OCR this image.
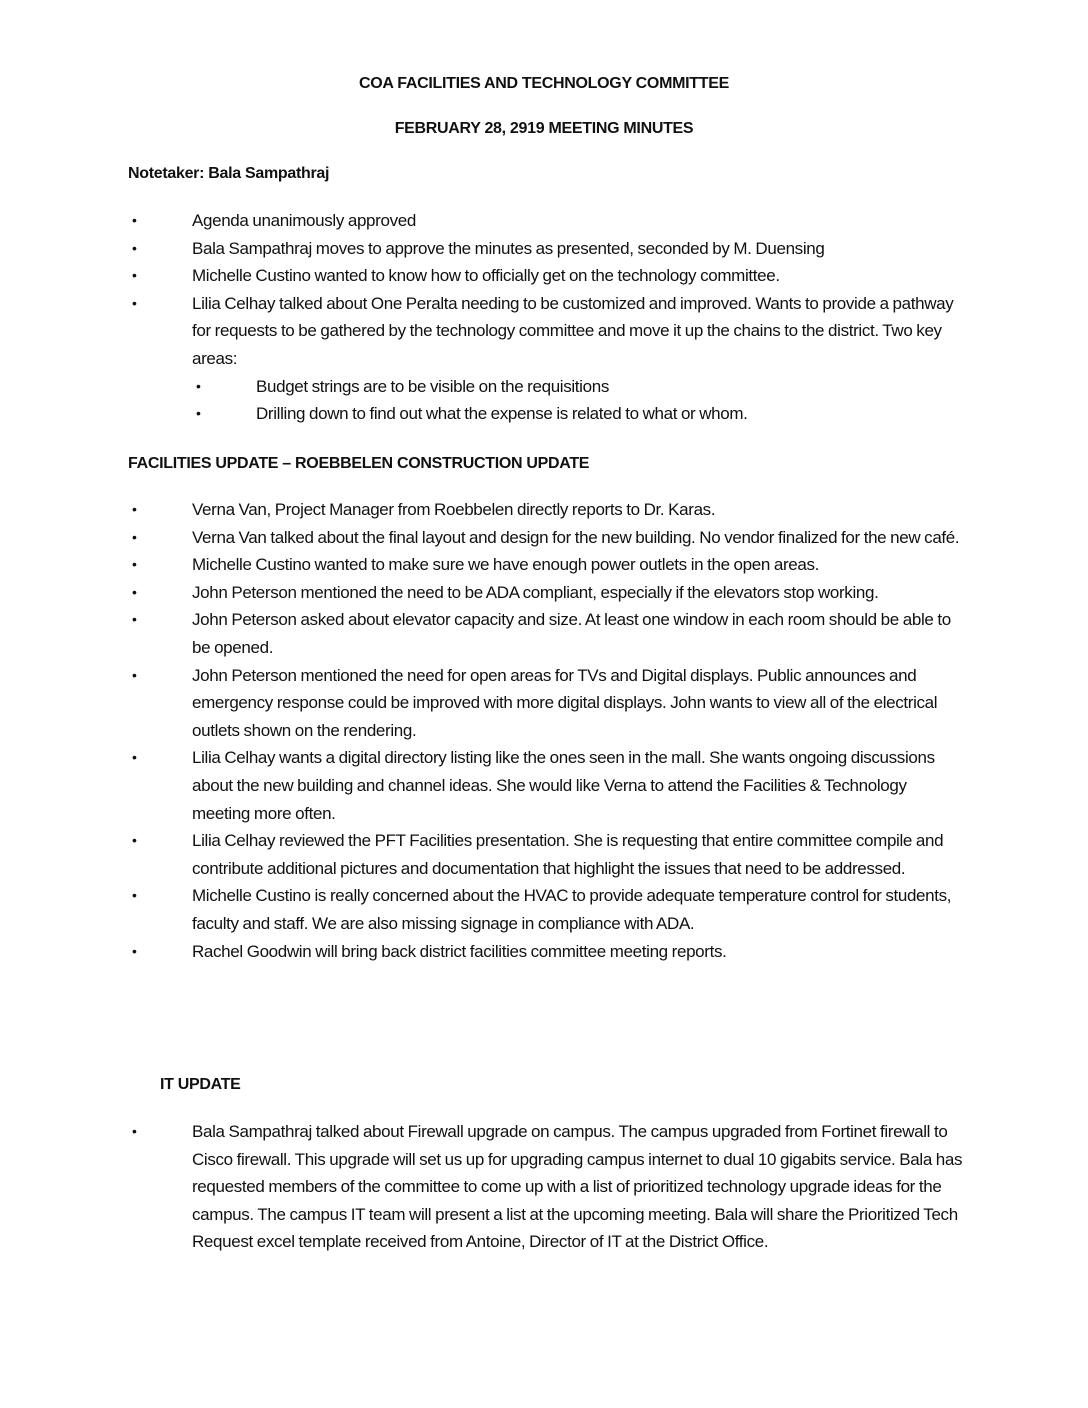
COA FACILITIES AND TECHNOLOGY COMMITTEE
FEBRUARY 28, 2919 MEETING MINUTES
Notetaker: Bala Sampathraj
•	Agenda unanimously approved
•	Bala Sampathraj moves to approve the minutes as presented, seconded by M. Duensing
•	Michelle Custino wanted to know how to officially get on the technology committee.
•	Lilia Celhay talked about One Peralta needing to be customized and improved. Wants to provide a pathway for requests to be gathered by the technology committee and move it up the chains to the district. Two key areas:
•	Budget strings are to be visible on the requisitions
•	Drilling down to find out what the expense is related to what or whom.
FACILITIES UPDATE – ROEBBELEN CONSTRUCTION UPDATE
•	Verna Van, Project Manager from Roebbelen directly reports to Dr. Karas.
•	Verna Van talked about the final layout and design for the new building. No vendor finalized for the new café.
•	Michelle Custino wanted to make sure we have enough power outlets in the open areas.
•	John Peterson mentioned the need to be ADA compliant, especially if the elevators stop working.
•	John Peterson asked about elevator capacity and size. At least one window in each room should be able to be opened.
•	John Peterson mentioned the need for open areas for TVs and Digital displays. Public announces and emergency response could be improved with more digital displays. John wants to view all of the electrical outlets shown on the rendering.
•	Lilia Celhay wants a digital directory listing like the ones seen in the mall. She wants ongoing discussions about the new building and channel ideas. She would like Verna to attend the Facilities & Technology meeting more often.
•	Lilia Celhay reviewed the PFT Facilities presentation. She is requesting that entire committee compile and contribute additional pictures and documentation that highlight the issues that need to be addressed.
•	Michelle Custino is really concerned about the HVAC to provide adequate temperature control for students, faculty and staff. We are also missing signage in compliance with ADA.
•	Rachel Goodwin will bring back district facilities committee meeting reports.
IT UPDATE
•	Bala Sampathraj talked about Firewall upgrade on campus. The campus upgraded from Fortinet firewall to Cisco firewall. This upgrade will set us up for upgrading campus internet to dual 10 gigabits service. Bala has requested members of the committee to come up with a list of prioritized technology upgrade ideas for the campus. The campus IT team will present a list at the upcoming meeting. Bala will share the Prioritized Tech Request excel template received from Antoine, Director of IT at the District Office.
